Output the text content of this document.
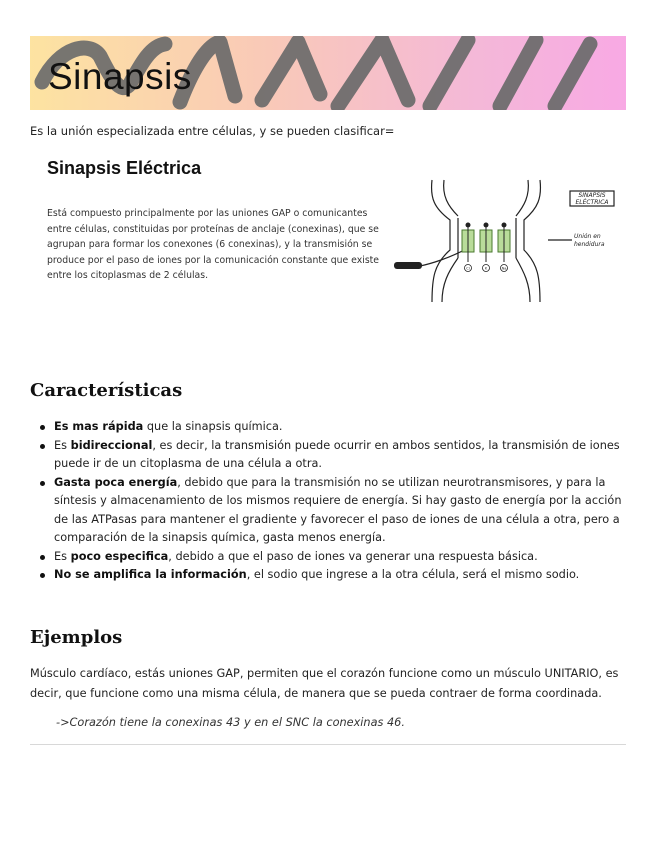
Sinapsis
Es la unión especializada entre células, y se pueden clasificar=
Sinapsis Eléctrica

Está compuesto principalmente por las uniones GAP o comunicantes entre células, constituidas por proteínas de anclaje (conexinas), que se agrupan para formar los conexones (6 conexinas), y la transmisión se produce por el paso de iones por la comunicación constante que existe entre los citoplasmas de 2 células.

SINAPSIS
ELÉCTRICA
Unión en
hendidura
Cl	K	Na
Características
Es mas rápida que la sinapsis química.
Es bidireccional, es decir, la transmisión puede ocurrir en ambos sentidos, la transmisión de iones puede ir de un citoplasma de una célula a otra.
Gasta poca energía, debido que para la transmisión no se utilizan neurotransmisores, y para la síntesis y almacenamiento de los mismos requiere de energía. Si hay gasto de energía por la acción de las ATPasas para mantener el gradiente y favorecer el paso de iones de una célula a otra, pero a comparación de la sinapsis química, gasta menos energía.
Es poco especifica, debido a que el paso de iones va generar una respuesta básica.
No se amplifica la información, el sodio que ingrese a la otra célula, será el mismo sodio.
Ejemplos

Músculo cardíaco, estás uniones GAP, permiten que el corazón funcione como un músculo UNITARIO, es decir, que funcione como una misma célula, de manera que se pueda contraer de forma coordinada.

->Corazón tiene la conexinas 43 y en el SNC la conexinas 46.
